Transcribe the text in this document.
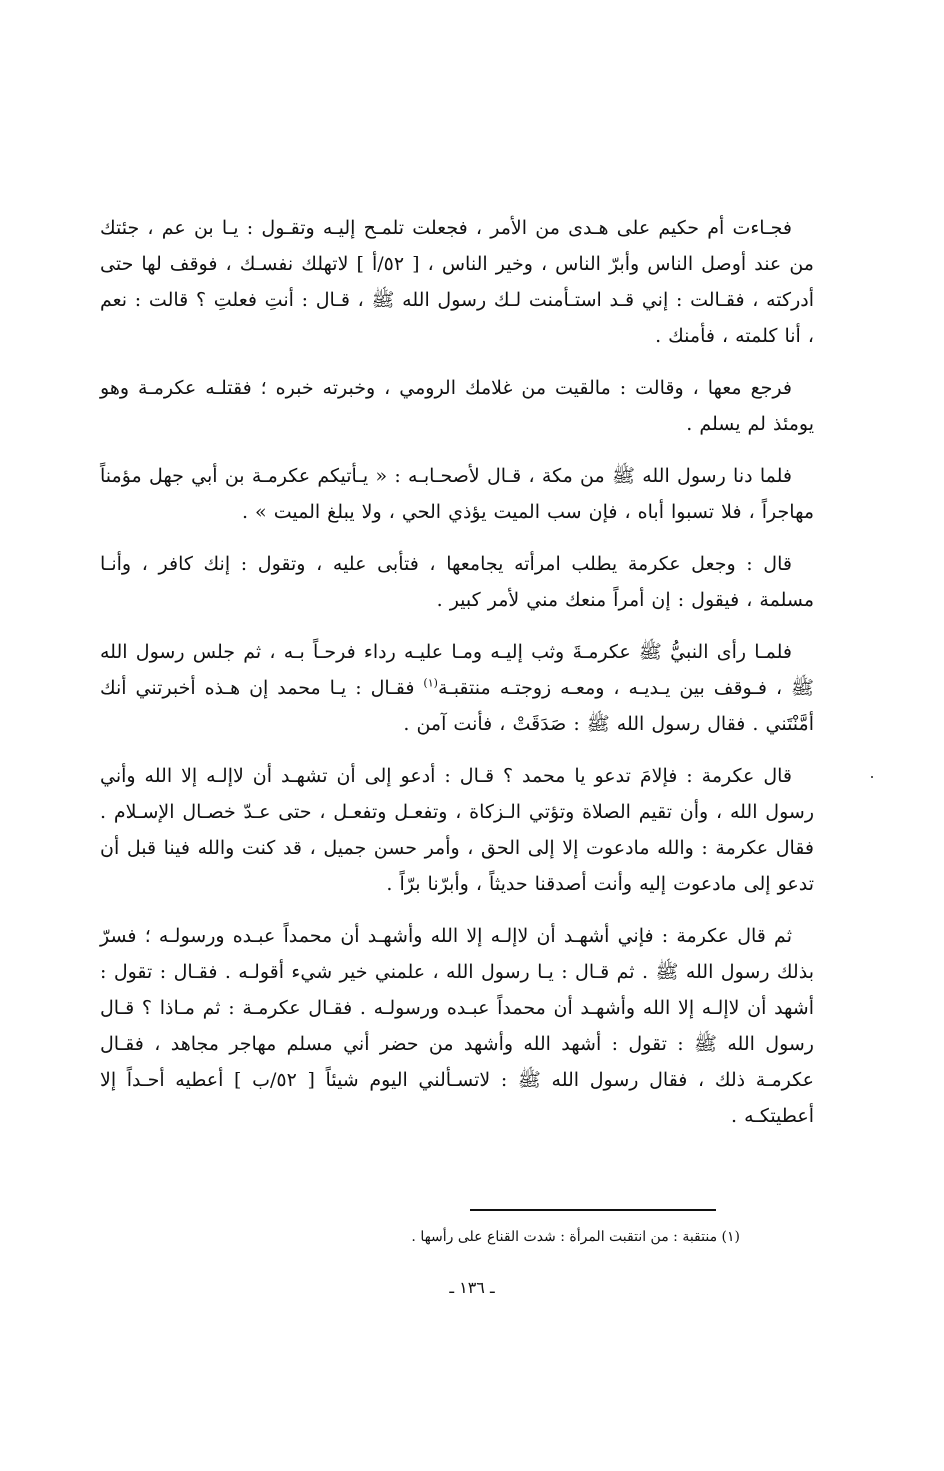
فجـاءت أم حكيم على هـدى من الأمر ، فجعلت تلمـح إليـه وتقـول : يـا بن عم ، جئتك من عند أوصل الناس وأبرّ الناس ، وخير الناس ، [ ٥٢/أ ] لاتهلك نفسـك ، فوقف لها حتى أدركته ، فقـالت : إني قـد استـأمنت لـك رسول الله ﷺ ، قـال : أنتِ فعلتِ ؟ قالت : نعم ، أنا كلمته ، فأمنك .

فرجع معها ، وقالت : مالقيت من غلامك الرومي ، وخبرته خبره ؛ فقتلـه عكرمـة وهو يومئذ لم يسلم .

فلما دنا رسول الله ﷺ من مكة ، قـال لأصحـابـه : « يـأتيكم عكرمـة بن أبي جهل مؤمناً مهاجراً ، فلا تسبوا أباه ، فإن سب الميت يؤذي الحي ، ولا يبلغ الميت » .

قال : وجعل عكرمة يطلب امرأته يجامعها ، فتأبى عليه ، وتقول : إنك كافر ، وأنـا مسلمة ، فيقول : إن أمراً منعك مني لأمر كبير .

فلمـا رأى النبيُّ ﷺ عكرمـةَ وثب إليـه ومـا عليـه رداء فرحـاً بـه ، ثم جلس رسول الله ﷺ ، فـوقف بين يـديـه ، ومعـه زوجتـه منتقبـة$^{(١)}$ فقـال : يـا محمد إن هـذه أخبرتني أنك أمَّنْتَني . فقال رسول الله ﷺ : صَدَقَتْ ، فأنت آمن .

قال عكرمة : فإلامَ تدعو يا محمد ؟ قـال : أدعو إلى أن تشهـد أن لاإلـه إلا الله وأني رسول الله ، وأن تقيم الصلاة وتؤتي الـزكاة ، وتفعـل وتفعـل ، حتى عـدّ خصـال الإسـلام . فقال عكرمة : والله مادعوت إلا إلى الحق ، وأمر حسن جميل ، قد كنت والله فينا قبل أن تدعو إلى مادعوت إليه وأنت أصدقنا حديثاً ، وأبرّنا برّاً .

ثم قال عكرمة : فإني أشهـد أن لاإلـه إلا الله وأشهـد أن محمداً عبـده ورسولـه ؛ فسرّ بذلك رسول الله ﷺ . ثم قـال : يـا رسول الله ، علمني خير شيء أقولـه . فقـال : تقول : أشهد أن لاإلـه إلا الله وأشهـد أن محمداً عبـده ورسولـه . فقـال عكرمـة : ثم مـاذا ؟ قـال رسول الله ﷺ : تقول : أشهد الله وأشهد من حضر أني مسلم مهاجر مجاهد ، فقـال عكرمـة ذلك ، فقال رسول الله ﷺ : لاتسـألني اليوم شيئاً [ ٥٢/ب ] أعطيه أحـداً إلا أعطيتكـه .

(١) منتقبة : من انتقبت المرأة : شدت القناع على رأسها .
ـ ١٣٦ ـ
